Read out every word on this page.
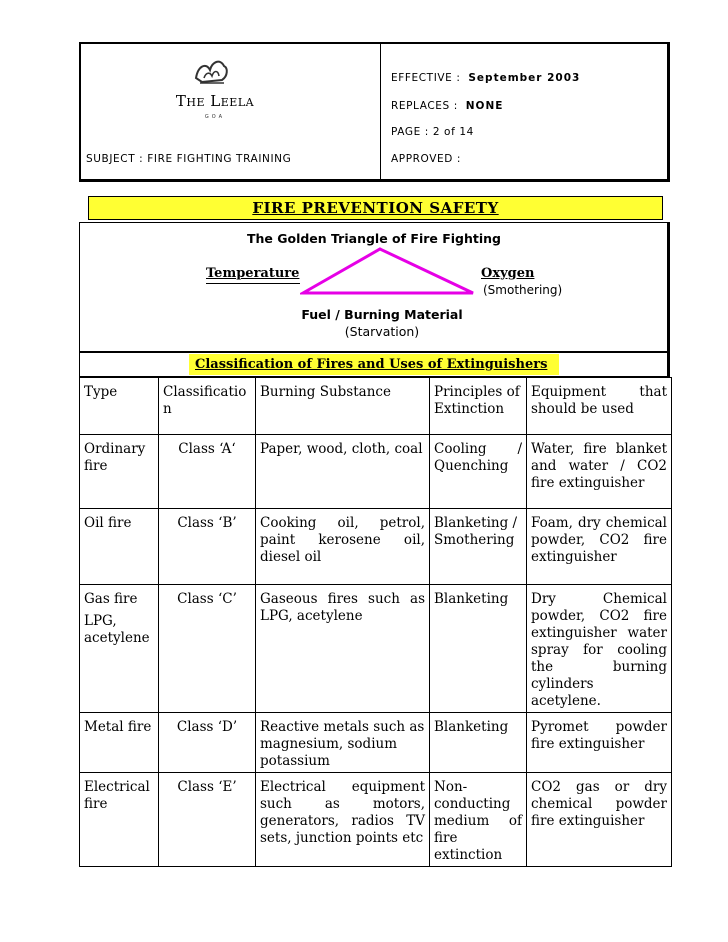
The Leela
GOA
SUBJECT : FIRE FIGHTING TRAINING
EFFECTIVE : September 2003
REPLACES : NONE
PAGE : 2 of 14
APPROVED :
FIRE PREVENTION SAFETY
The Golden Triangle of Fire Fighting
Temperature	Oxygen
(Smothering)
Fuel / Burning Material
(Starvation)
Classification of Fires and Uses of Extinguishers
Type	Classification	Burning Substance	Principles of Extinction	Equipment that should be used
Ordinary fire	Class ‘A‘	Paper, wood, cloth, coal	Cooling / Quenching	Water, fire blanket and water / CO2 fire extinguisher
Oil fire	Class ‘B’	Cooking oil, petrol, paint kerosene oil, diesel oil	Blanketing / Smothering	Foam, dry chemical powder, CO2 fire extinguisher

Gas fire
LPG, acetylene	Class ‘C’	Gaseous fires such as LPG, acetylene	Blanketing	Dry Chemical powder, CO2 fire extinguisher water spray for cooling the burning cylinders acetylene.
Metal fire	Class ‘D’	Reactive metals such as magnesium, sodium potassium	Blanketing	Pyromet powder fire extinguisher
Electrical fire	Class ‘E’	Electrical equipment such as motors, generators, radios TV sets, junction points etc	Non-conducting medium of fire extinction	CO2 gas or dry chemical powder fire extinguisher
